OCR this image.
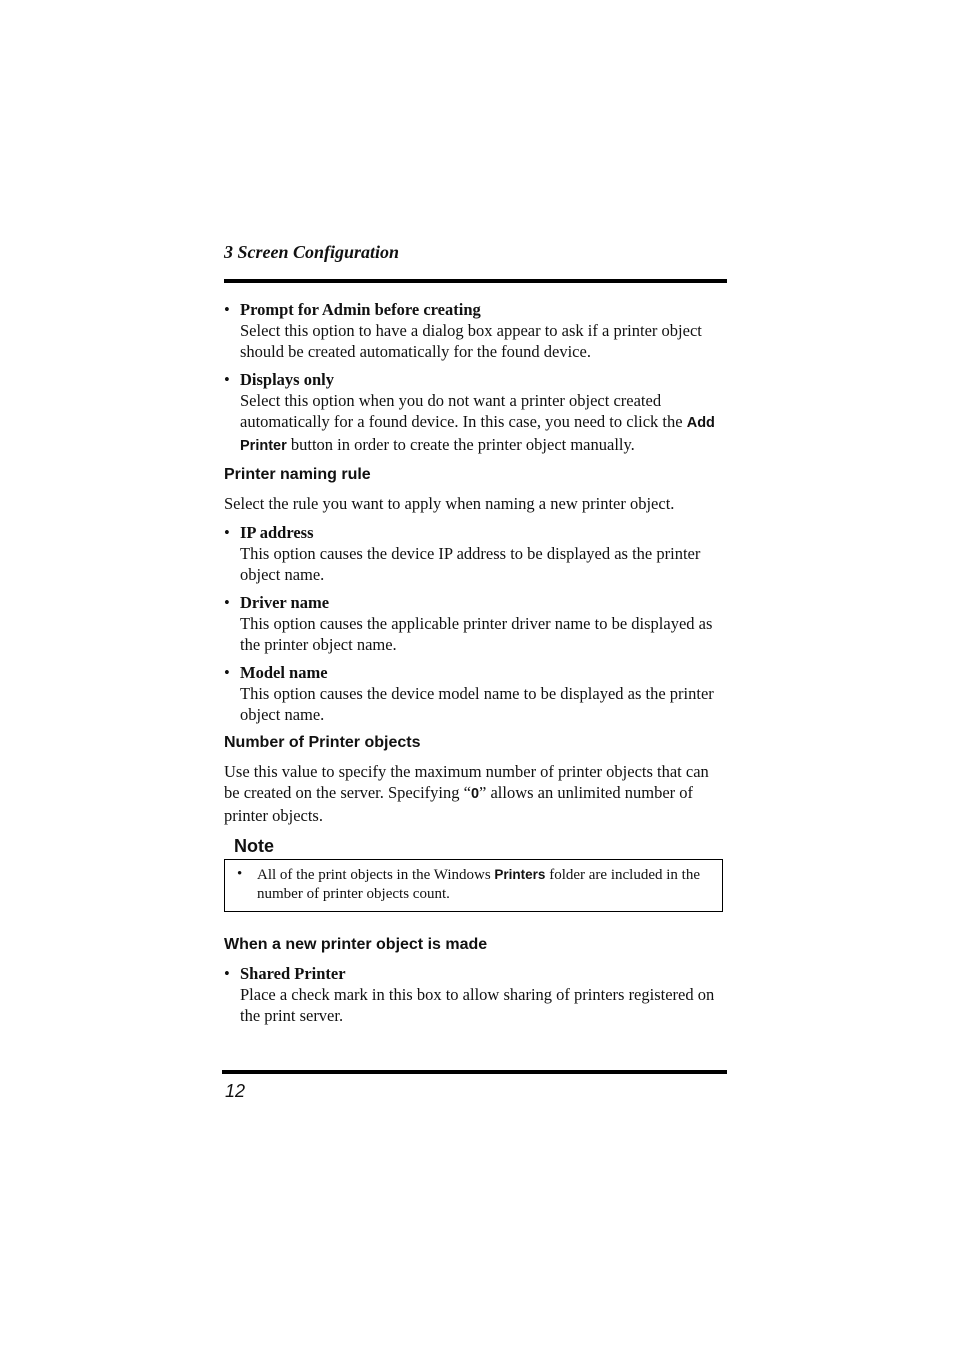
3 Screen Configuration
• Prompt for Admin before creating
Select this option to have a dialog box appear to ask if a printer object should be created automatically for the found device.
• Displays only
Select this option when you do not want a printer object created automatically for a found device. In this case, you need to click the Add Printer button in order to create the printer object manually.
Printer naming rule
Select the rule you want to apply when naming a new printer object.
• IP address
This option causes the device IP address to be displayed as the printer object name.
• Driver name
This option causes the applicable printer driver name to be displayed as the printer object name.
• Model name
This option causes the device model name to be displayed as the printer object name.
Number of Printer objects
Use this value to specify the maximum number of printer objects that can be created on the server. Specifying “0” allows an unlimited number of printer objects.
Note
• All of the print objects in the Windows Printers folder are included in the number of printer objects count.
When a new printer object is made
• Shared Printer
Place a check mark in this box to allow sharing of printers registered on the print server.
12
